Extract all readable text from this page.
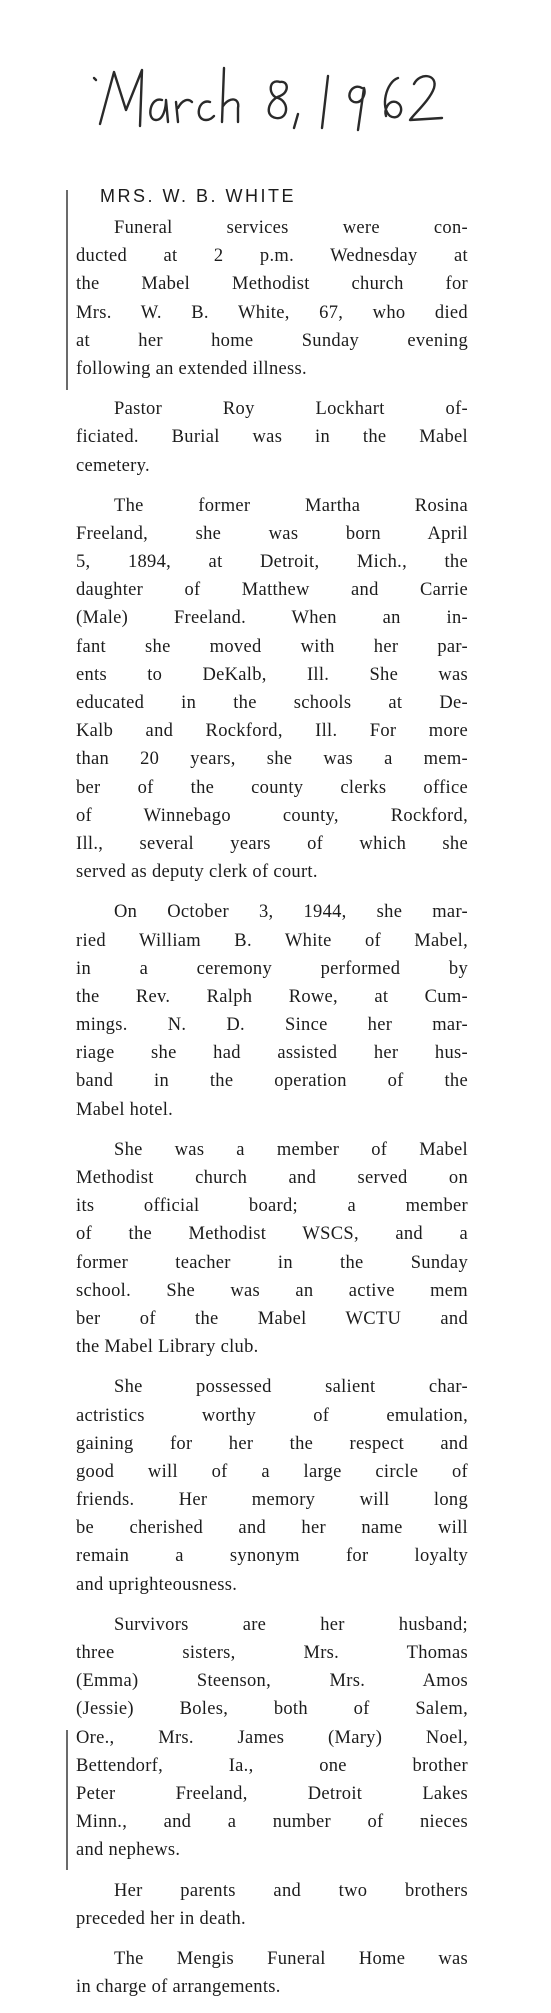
MRS. W. B. WHITE
Funeral services were con-
ducted at 2 p.m. Wednesday at
the Mabel Methodist church for
Mrs. W. B. White, 67, who died
at her home Sunday evening
following an extended illness.
Pastor Roy Lockhart of-
ficiated. Burial was in the Mabel
cemetery.
The former Martha Rosina
Freeland, she was born April
5, 1894, at Detroit, Mich., the
daughter of Matthew and Carrie
(Male) Freeland. When an in-
fant she moved with her par-
ents to DeKalb, Ill. She was
educated in the schools at De-
Kalb and Rockford, Ill. For more
than 20 years, she was a mem-
ber of the county clerks office
of Winnebago county, Rockford,
Ill., several years of which she
served as deputy clerk of court.
On October 3, 1944, she mar-
ried William B. White of Mabel,
in a ceremony performed by
the Rev. Ralph Rowe, at Cum-
mings. N. D. Since her mar-
riage she had assisted her hus-
band in the operation of the
Mabel hotel.
She was a member of Mabel
Methodist church and served on
its official board; a member
of the Methodist WSCS, and a
former teacher in the Sunday
school. She was an active mem
ber of the Mabel WCTU and
the Mabel Library club.
She possessed salient char-
actristics worthy of emulation,
gaining for her the respect and
good will of a large circle of
friends. Her memory will long
be cherished and her name will
remain a synonym for loyalty
and uprighteousness.
Survivors are her husband;
three sisters, Mrs. Thomas
(Emma) Steenson, Mrs. Amos
(Jessie) Boles, both of Salem,
Ore., Mrs. James (Mary) Noel,
Bettendorf, Ia., one brother
Peter Freeland, Detroit Lakes
Minn., and a number of nieces
and nephews.
Her parents and two brothers
preceded her in death.
The Mengis Funeral Home was
in charge of arrangements.
